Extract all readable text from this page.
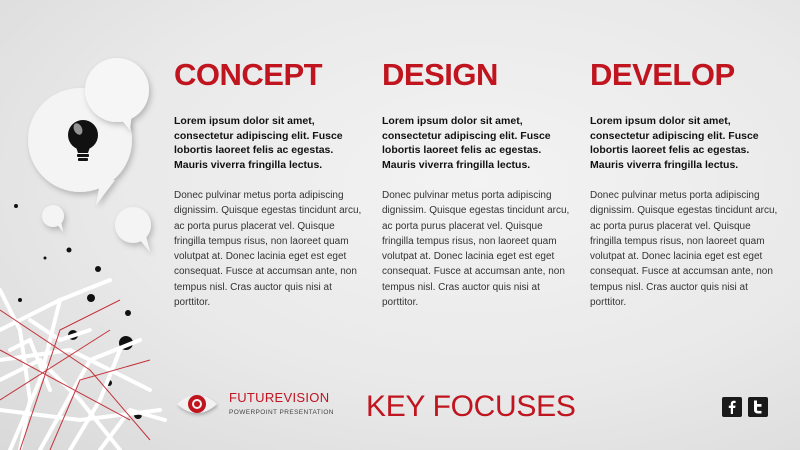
CONCEPT

Lorem ipsum dolor sit amet, consectetur adipiscing elit. Fusce lobortis laoreet felis ac egestas. Mauris viverra fringilla lectus.

Donec pulvinar metus porta adipiscing dignissim. Quisque egestas tincidunt arcu, ac porta purus placerat vel. Quisque fringilla tempus risus, non laoreet quam volutpat at. Donec lacinia eget est eget consequat. Fusce at accumsan ante, non tempus nisl. Cras auctor quis nisi at porttitor.

DESIGN

Lorem ipsum dolor sit amet, consectetur adipiscing elit. Fusce lobortis laoreet felis ac egestas. Mauris viverra fringilla lectus.

Donec pulvinar metus porta adipiscing dignissim. Quisque egestas tincidunt arcu, ac porta purus placerat vel. Quisque fringilla tempus risus, non laoreet quam volutpat at. Donec lacinia eget est eget consequat. Fusce at accumsan ante, non tempus nisl. Cras auctor quis nisi at porttitor.

DEVELOP

Lorem ipsum dolor sit amet, consectetur adipiscing elit. Fusce lobortis laoreet felis ac egestas. Mauris viverra fringilla lectus.

Donec pulvinar metus porta adipiscing dignissim. Quisque egestas tincidunt arcu, ac porta purus placerat vel. Quisque fringilla tempus risus, non laoreet quam volutpat at. Donec lacinia eget est eget consequat. Fusce at accumsan ante, non tempus nisl. Cras auctor quis nisi at porttitor.

FUTUREVISION
POWERPOINT PRESENTATION KEY FOCUSES
